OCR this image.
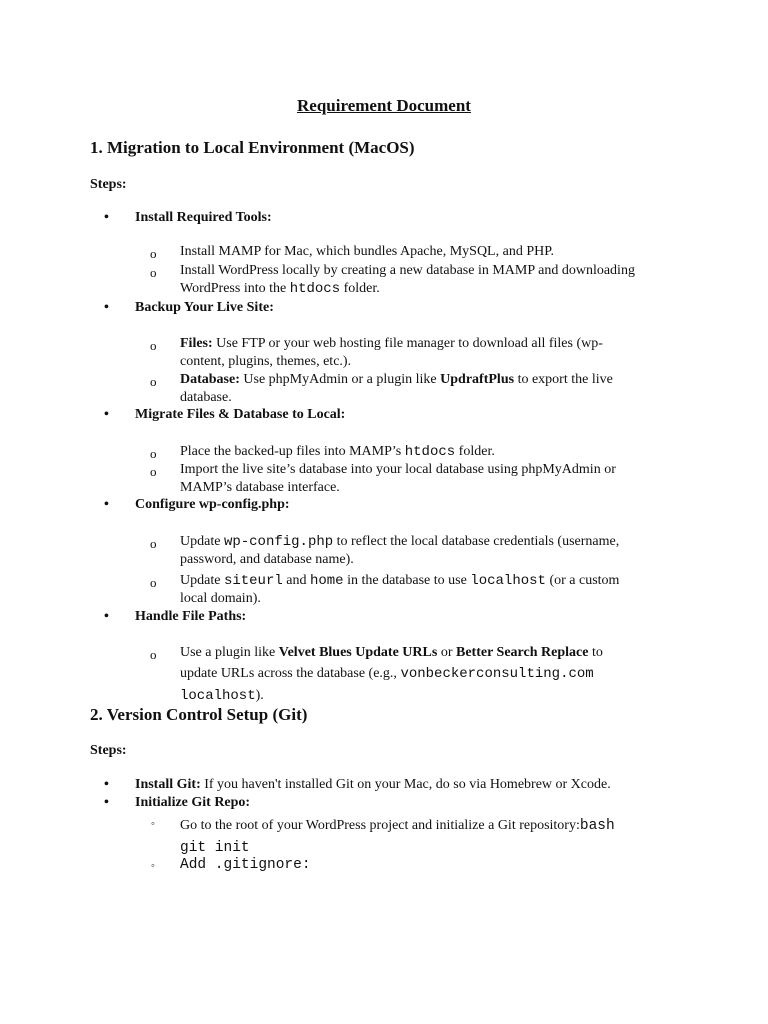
Requirement Document
1. Migration to Local Environment (MacOS)
Steps:
• Install Required Tools:
o Install MAMP for Mac, which bundles Apache, MySQL, and PHP.
o Install WordPress locally by creating a new database in MAMP and downloading
WordPress into the htdocs folder.
• Backup Your Live Site:
o Files: Use FTP or your web hosting file manager to download all files (wp-
content, plugins, themes, etc.).
o Database: Use phpMyAdmin or a plugin like UpdraftPlus to export the live
database.
• Migrate Files & Database to Local:
o Place the backed-up files into MAMP’s htdocs folder.
o Import the live site’s database into your local database using phpMyAdmin or
MAMP’s database interface.
• Configure wp-config.php:
o Update wp-config.php to reflect the local database credentials (username,
password, and database name).
o Update siteurl and home in the database to use localhost (or a custom
local domain).
• Handle File Paths:
o Use a plugin like Velvet Blues Update URLs or Better Search Replace to
update URLs across the database (e.g., vonbeckerconsulting.com
localhost).
2. Version Control Setup (Git)
Steps:
• Install Git: If you haven't installed Git on your Mac, do so via Homebrew or Xcode.
• Initialize Git Repo:
◦ Go to the root of your WordPress project and initialize a Git repository:bash
git init
◦ Add .gitignore:
